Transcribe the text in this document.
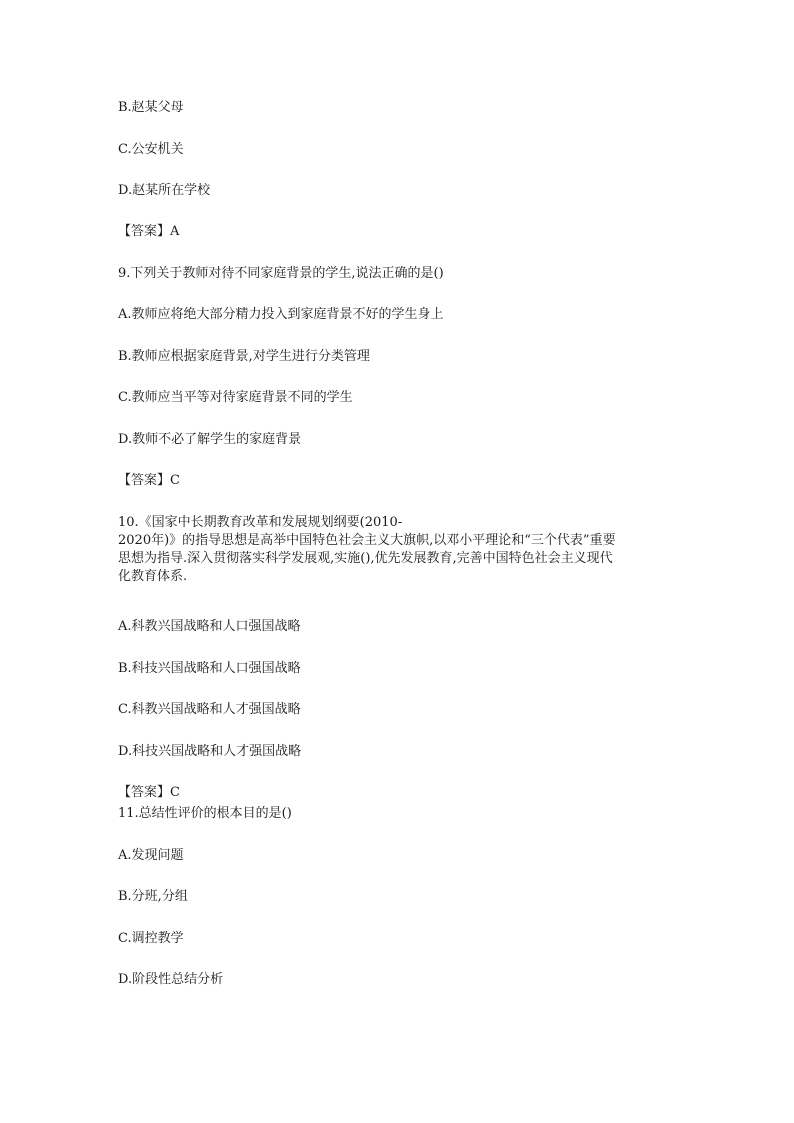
B.赵某父母
C.公安机关
D.赵某所在学校
【答案】A
9.下列关于教师对待不同家庭背景的学生,说法正确的是()
A.教师应将绝大部分精力投入到家庭背景不好的学生身上
B.教师应根据家庭背景,对学生进行分类管理
C.教师应当平等对待家庭背景不同的学生
D.教师不必了解学生的家庭背景
【答案】C
10.《国家中长期教育改革和发展规划纲要(2010-
2020年)》的指导思想是高举中国特色社会主义大旗帜,以邓小平理论和“三个代表”重要
思想为指导.深入贯彻落实科学发展观,实施(),优先发展教育,完善中国特色社会主义现代
化教育体系.
A.科教兴国战略和人口强国战略
B.科技兴国战略和人口强国战略
C.科教兴国战略和人才强国战略
D.科技兴国战略和人才强国战略
【答案】C
11.总结性评价的根本目的是()
A.发现问题
B.分班,分组
C.调控教学
D.阶段性总结分析
